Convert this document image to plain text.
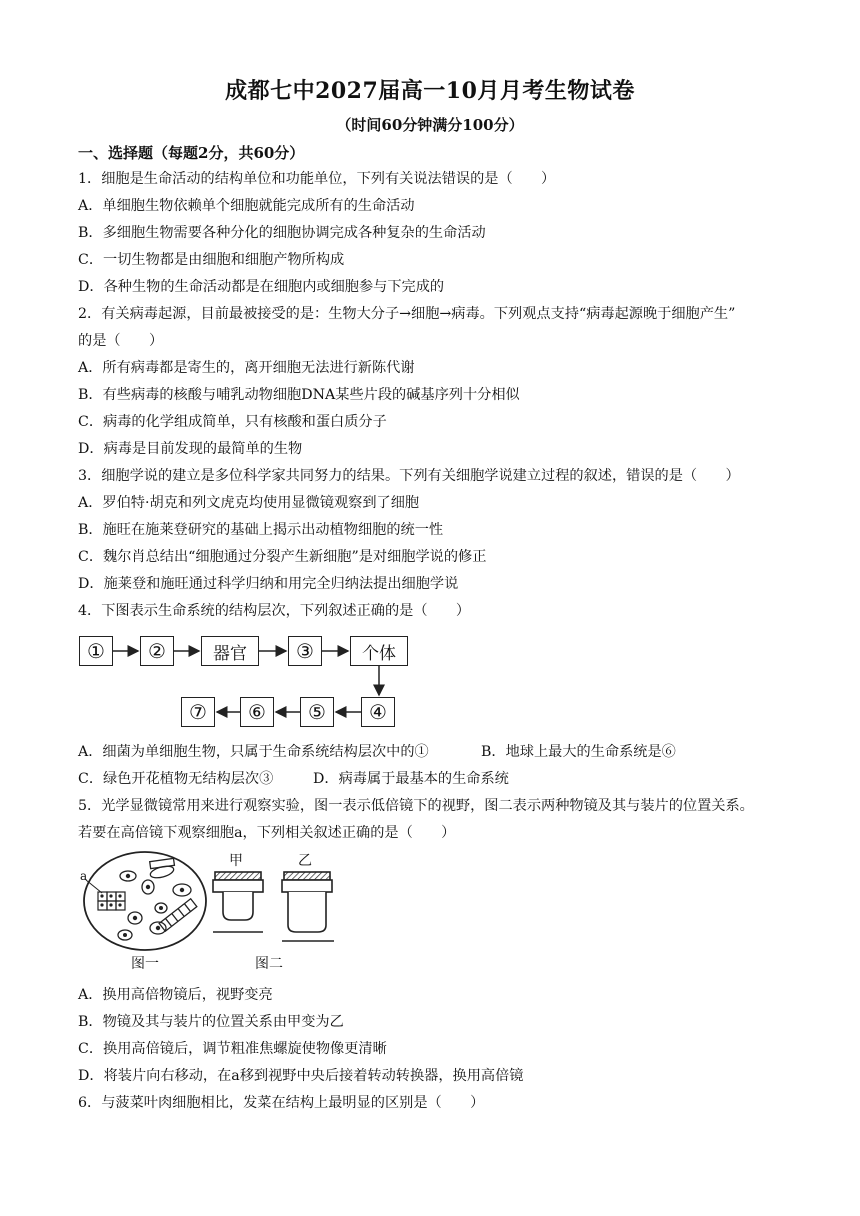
成都七中2027届高一10月月考生物试卷
（时间60分钟满分100分）
一、选择题（每题2分，共60分）
1．细胞是生命活动的结构单位和功能单位，下列有关说法错误的是（　　）
A．单细胞生物依赖单个细胞就能完成所有的生命活动
B．多细胞生物需要各种分化的细胞协调完成各种复杂的生命活动
C．一切生物都是由细胞和细胞产物所构成
D．各种生物的生命活动都是在细胞内或细胞参与下完成的
2．有关病毒起源，目前最被接受的是：生物大分子→细胞→病毒。下列观点支持“病毒起源晚于细胞产生”
的是（　　）
A．所有病毒都是寄生的，离开细胞无法进行新陈代谢
B．有些病毒的核酸与哺乳动物细胞DNA某些片段的碱基序列十分相似
C．病毒的化学组成简单，只有核酸和蛋白质分子
D．病毒是目前发现的最简单的生物
3．细胞学说的建立是多位科学家共同努力的结果。下列有关细胞学说建立过程的叙述，错误的是（　　）
A．罗伯特·胡克和列文虎克均使用显微镜观察到了细胞
B．施旺在施莱登研究的基础上揭示出动植物细胞的统一性
C．魏尔肖总结出“细胞通过分裂产生新细胞”是对细胞学说的修正
D．施莱登和施旺通过科学归纳和用完全归纳法提出细胞学说
4．下图表示生命系统的结构层次，下列叙述正确的是（　　）
①	②	器官	③	个体
⑦	⑥	⑤	④
A．细菌为单细胞生物，只属于生命系统结构层次中的①	B．地球上最大的生命系统是⑥
C．绿色开花植物无结构层次③	D．病毒属于最基本的生命系统
5．光学显微镜常用来进行观察实验，图一表示低倍镜下的视野，图二表示两种物镜及其与装片的位置关系。
若要在高倍镜下观察细胞a，下列相关叙述正确的是（　　）
a
甲	乙
图一	图二
A．换用高倍物镜后，视野变亮
B．物镜及其与装片的位置关系由甲变为乙
C．换用高倍镜后，调节粗准焦螺旋使物像更清晰
D．将装片向右移动，在a移到视野中央后接着转动转换器，换用高倍镜
6．与菠菜叶肉细胞相比，发菜在结构上最明显的区别是（　　）
